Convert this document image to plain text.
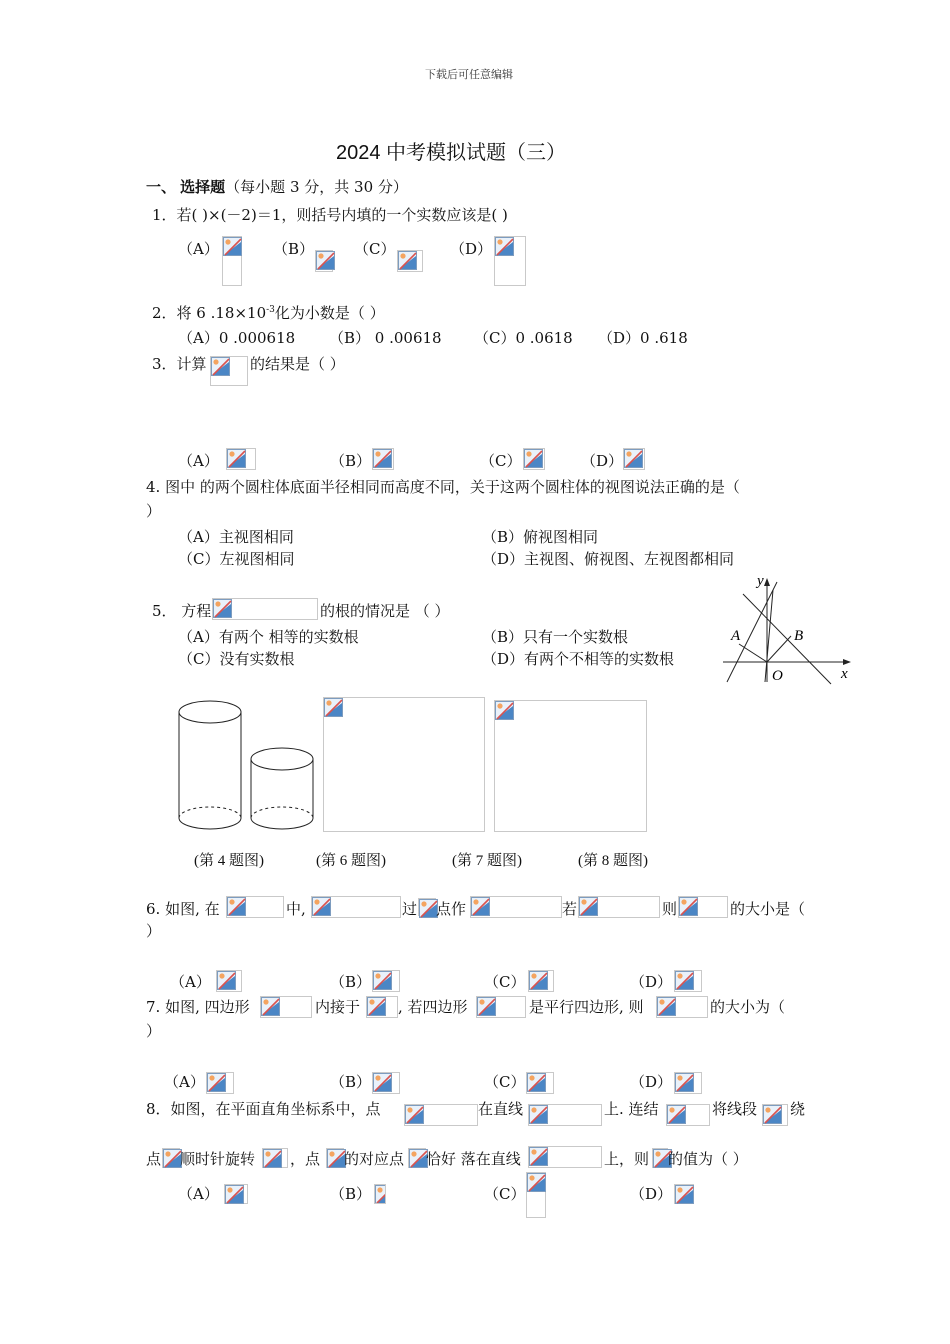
下载后可任意编辑
2024 中考模拟试题（三）
一、 选择题（每小题 3 分，共 30 分）
1．若( )×(－2)＝1，则括号内填的一个实数应该是( )
（A）	（B）	（C）	（D）
2．将 6 $.18\times 10^{-3}$化为小数是（ ）
（A）0 .000618 （B） 0 .00618 （C）0 .0618 （D）0 .618
3．计算	的结果是（ ）
（A）	（B）	（C）	（D）
4. 图中 的两个圆柱体底面半径相同而高度不同，关于这两个圆柱体的视图说法正确的是（
）
（A）主视图相同	（B）俯视图相同
（C）左视图相同	（D）主视图、俯视图、左视图都相同
5． 方程	的根的情况是 （ ）
（A）有两个 相等的实数根	（B）只有一个实数根
（C）没有实数根	（D）有两个不相等的实数根
y
x
A	B
O
(第 4 题图)	(第 6 题图)	(第 7 题图)	(第 8 题图)
6. 如图, 在	中,	过 点作	若	则	的大小是（
）
（A）	（B）	（C）	（D）
7. 如图, 四边形	内接于	, 若四边形	是平行四边形, 则	的大小为（
）
（A）	（B）	（C）	（D）
8．如图，在平面直角坐标系中，点	在直线	上. 连结	将线段 绕
点 顺时针旋转 ，点 的对应点 恰好 落在直线	上，则 的值为（ ）
（A）	（B）	（C）	（D）
